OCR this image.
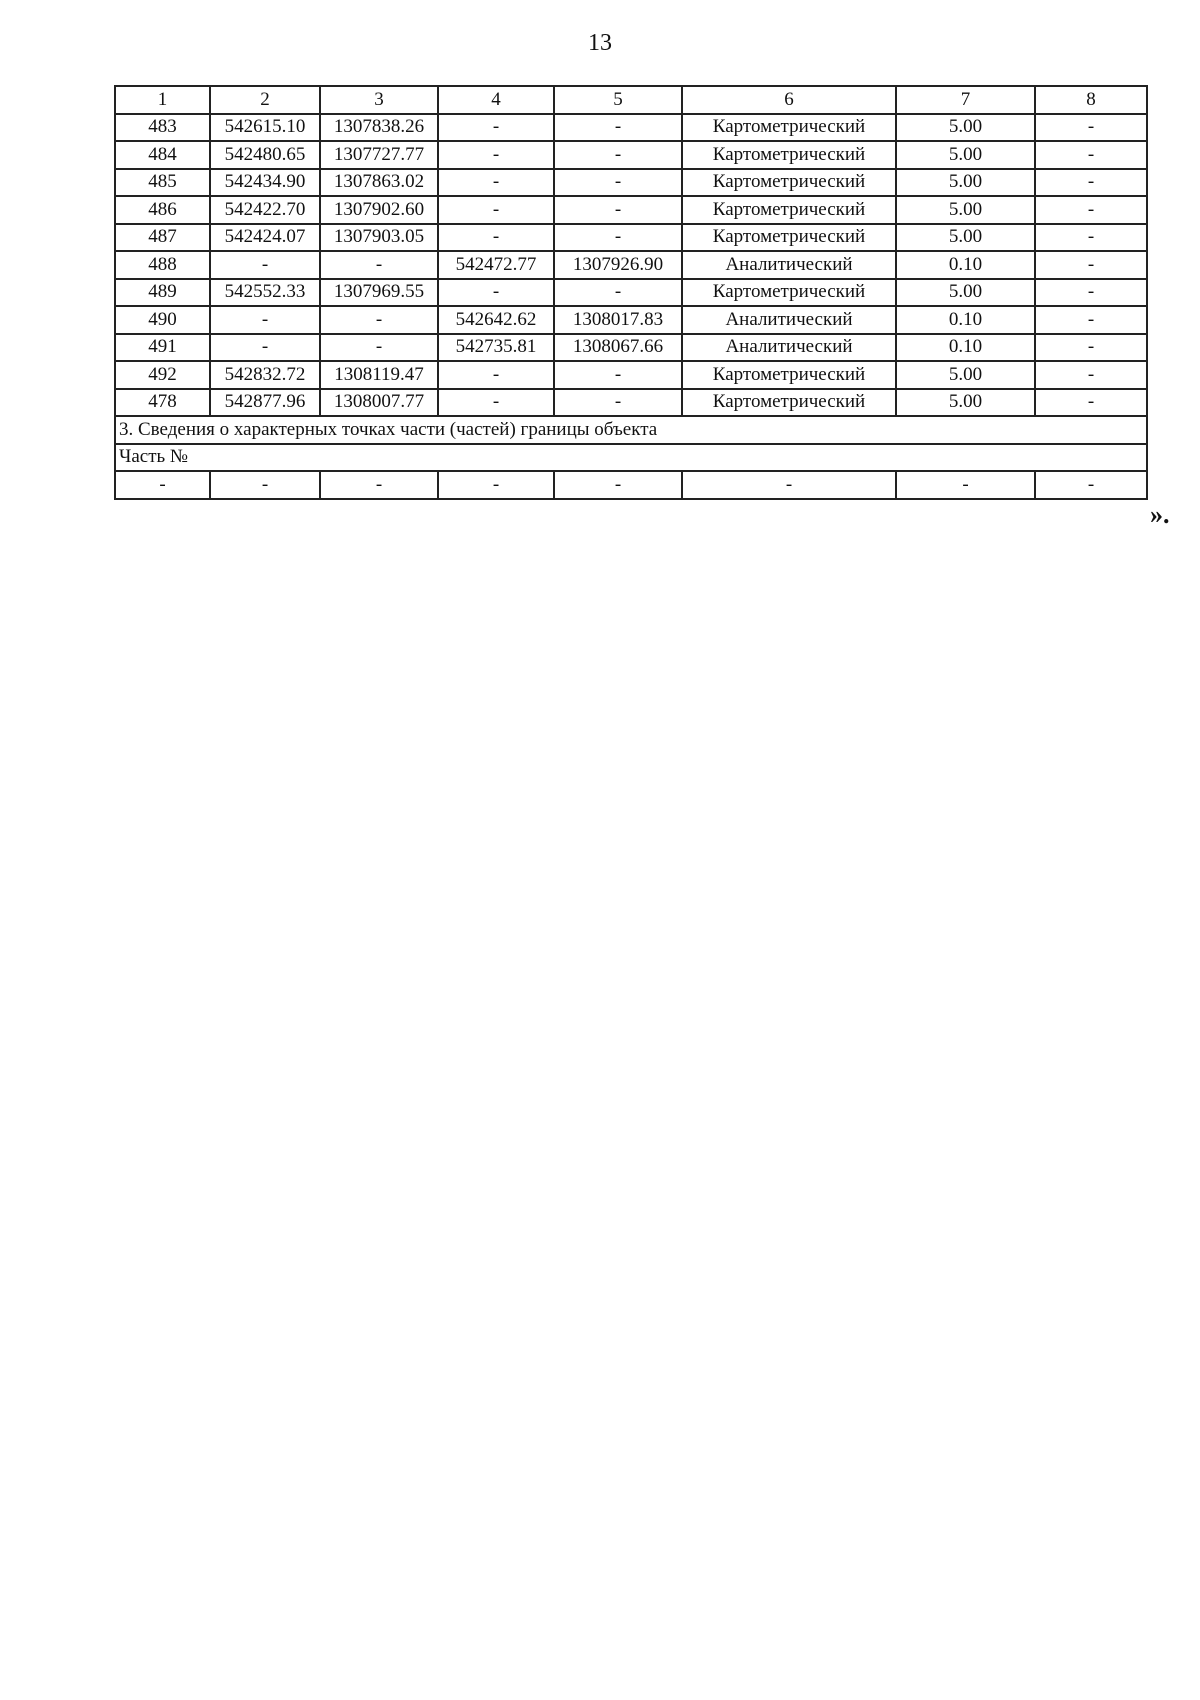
13
1	2	3	4	5	6	7	8
483	542615.10	1307838.26	-	-	Картометрический	5.00	-
484	542480.65	1307727.77	-	-	Картометрический	5.00	-
485	542434.90	1307863.02	-	-	Картометрический	5.00	-
486	542422.70	1307902.60	-	-	Картометрический	5.00	-
487	542424.07	1307903.05	-	-	Картометрический	5.00	-
488	-	-	542472.77	1307926.90	Аналитический	0.10	-
489	542552.33	1307969.55	-	-	Картометрический	5.00	-
490	-	-	542642.62	1308017.83	Аналитический	0.10	-
491	-	-	542735.81	1308067.66	Аналитический	0.10	-
492	542832.72	1308119.47	-	-	Картометрический	5.00	-
478	542877.96	1308007.77	-	-	Картометрический	5.00	-
3. Сведения о характерных точках части (частей) границы объекта							
Часть №							
-	-	-	-	-	-	-	-
».
